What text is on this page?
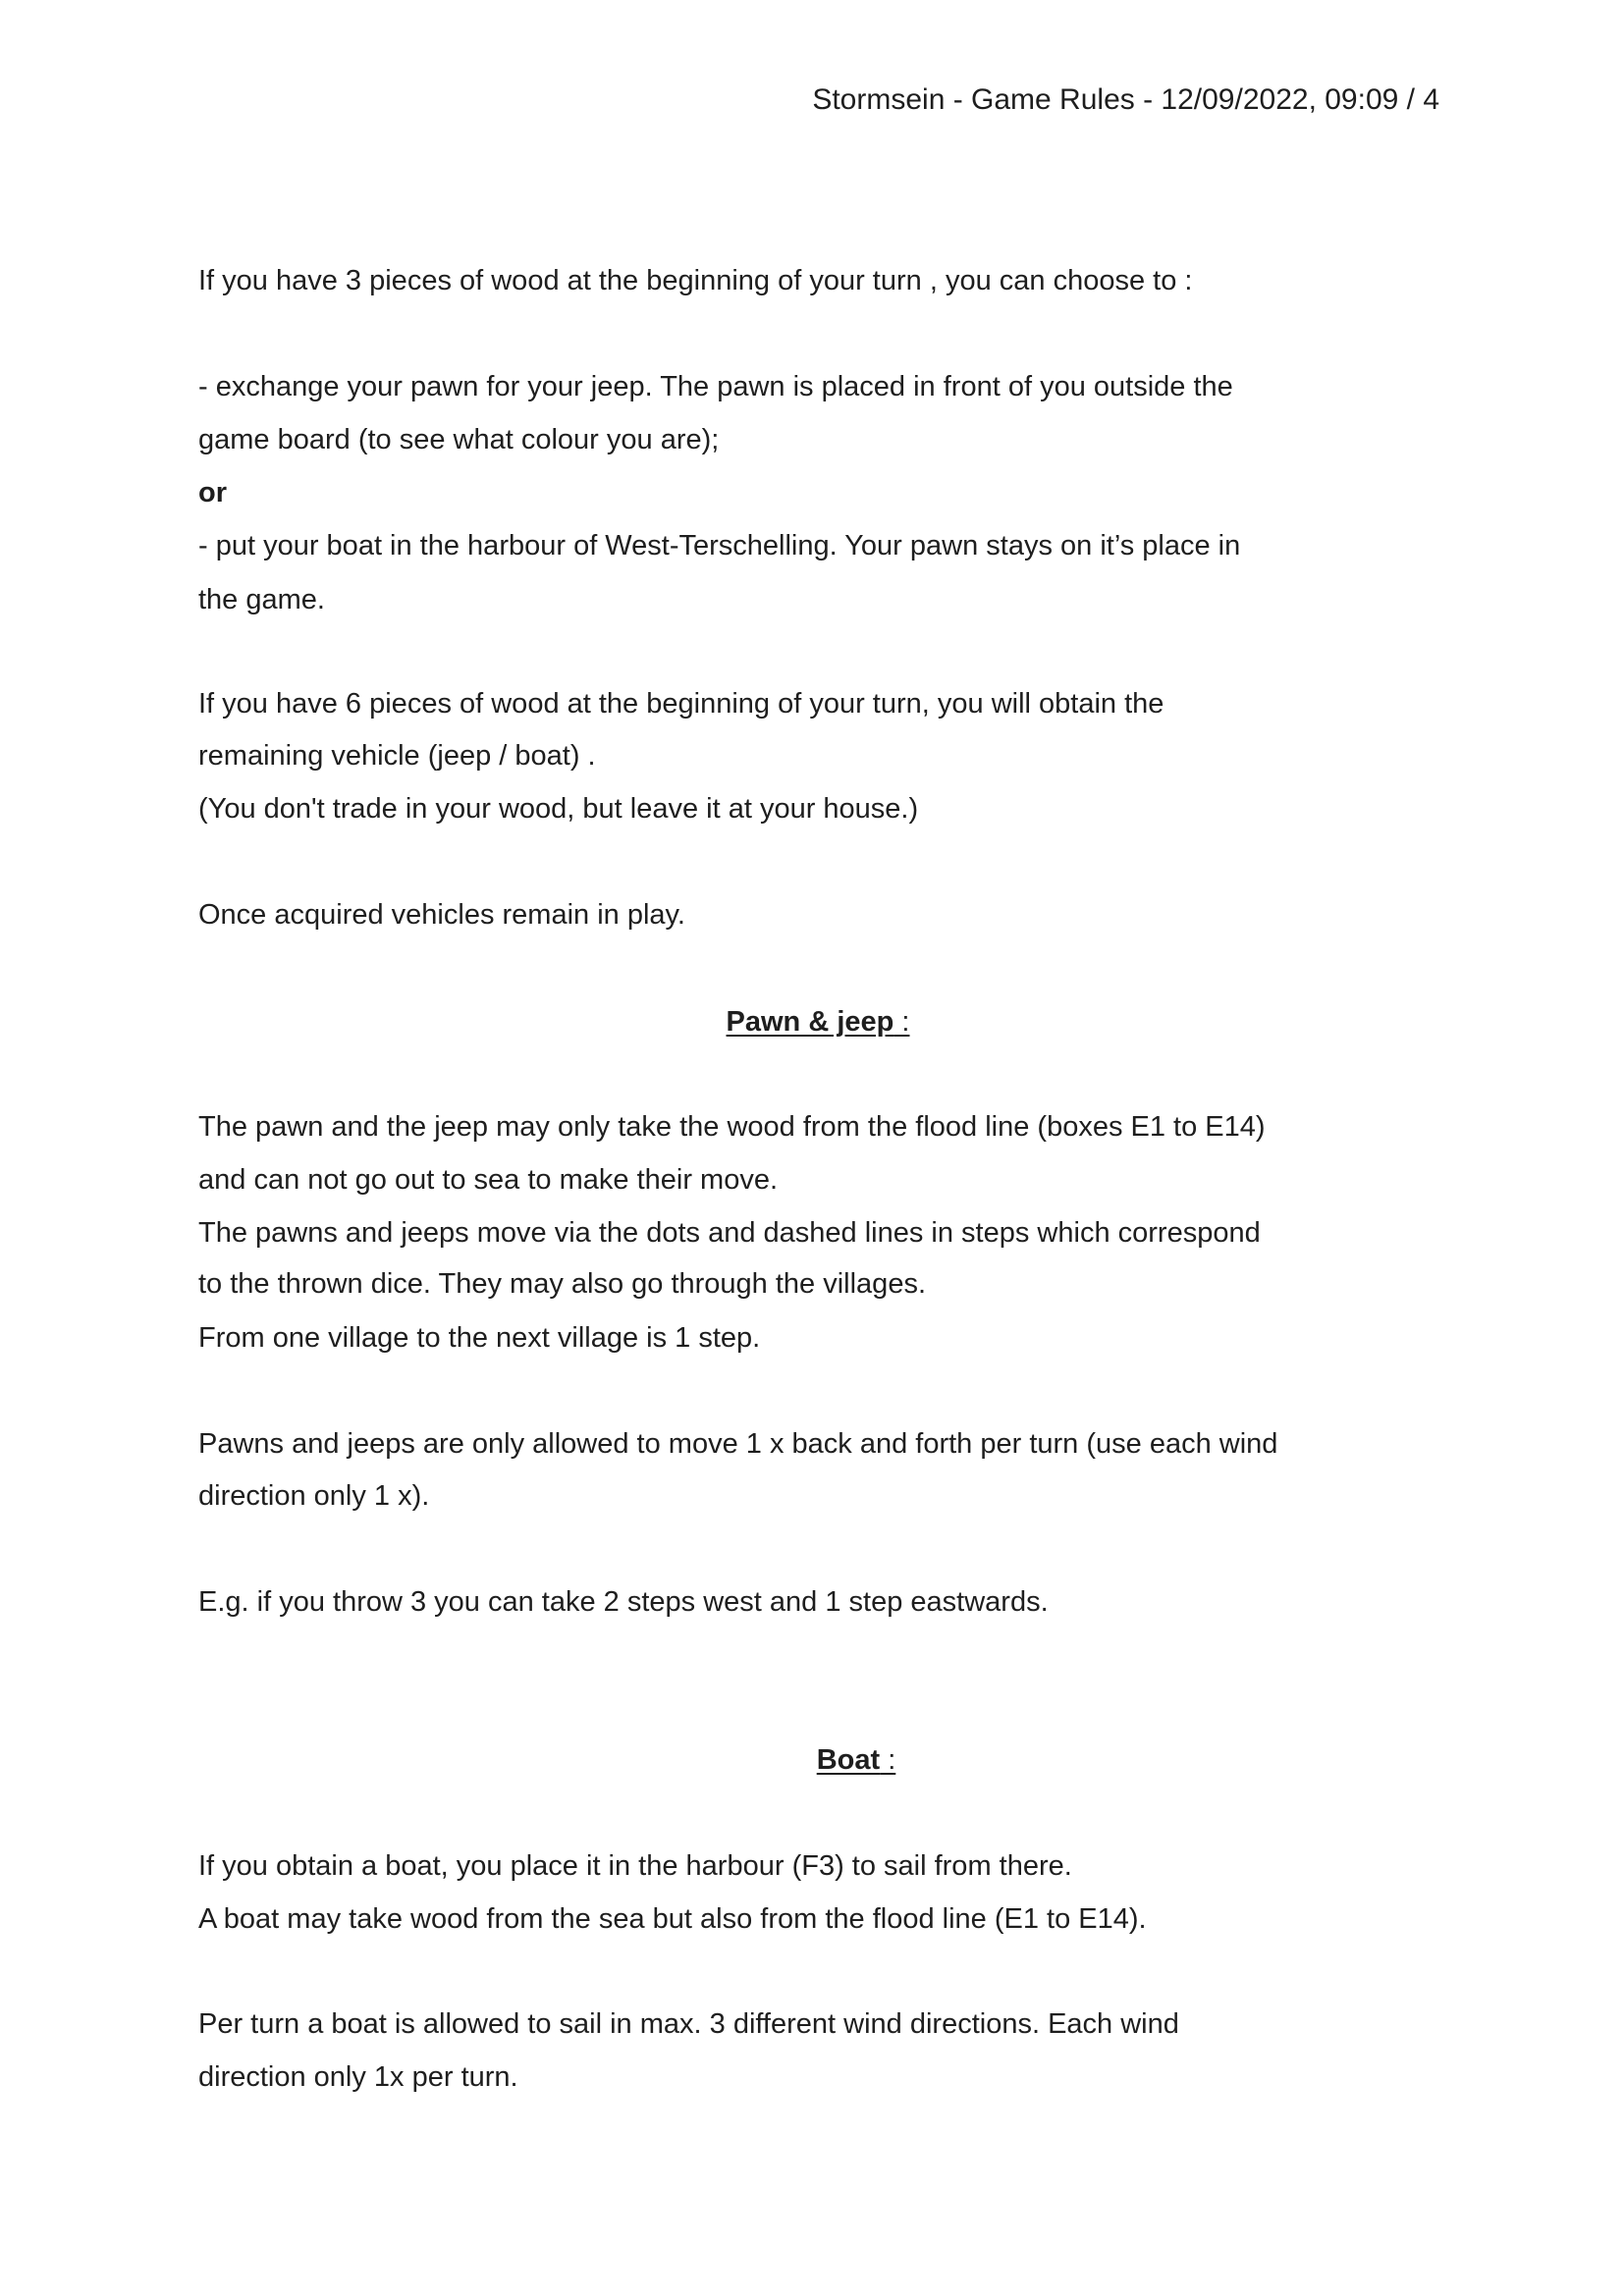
Stormsein - Game Rules - 12/09/2022, 09:09 / 4
If you have 3 pieces of wood at the beginning of your turn , you can choose to :
- exchange your pawn for your jeep. The pawn is placed in front of you outside the
game board (to see what colour you are);
or
- put your boat in the harbour of West-Terschelling. Your pawn stays on it’s place in
the game.
If you have 6 pieces of wood at the beginning of your turn, you will obtain the
remaining vehicle (jeep / boat) .
(You don't trade in your wood, but leave it at your house.)
Once acquired vehicles remain in play.
Pawn & jeep :
The pawn and the jeep may only take the wood from the flood line (boxes E1 to E14)
and can not go out to sea to make their move.
The pawns and jeeps move via the dots and dashed lines in steps which correspond
to the thrown dice. They may also go through the villages.
From one village to the next village is 1 step.
Pawns and jeeps are only allowed to move 1 x back and forth per turn (use each wind
direction only 1 x).
E.g. if you throw 3 you can take 2 steps west and 1 step eastwards.
Boat :
If you obtain a boat, you place it in the harbour (F3) to sail from there.
A boat may take wood from the sea but also from the flood line (E1 to E14).
Per turn a boat is allowed to sail in max. 3 different wind directions. Each wind
direction only 1x per turn.
